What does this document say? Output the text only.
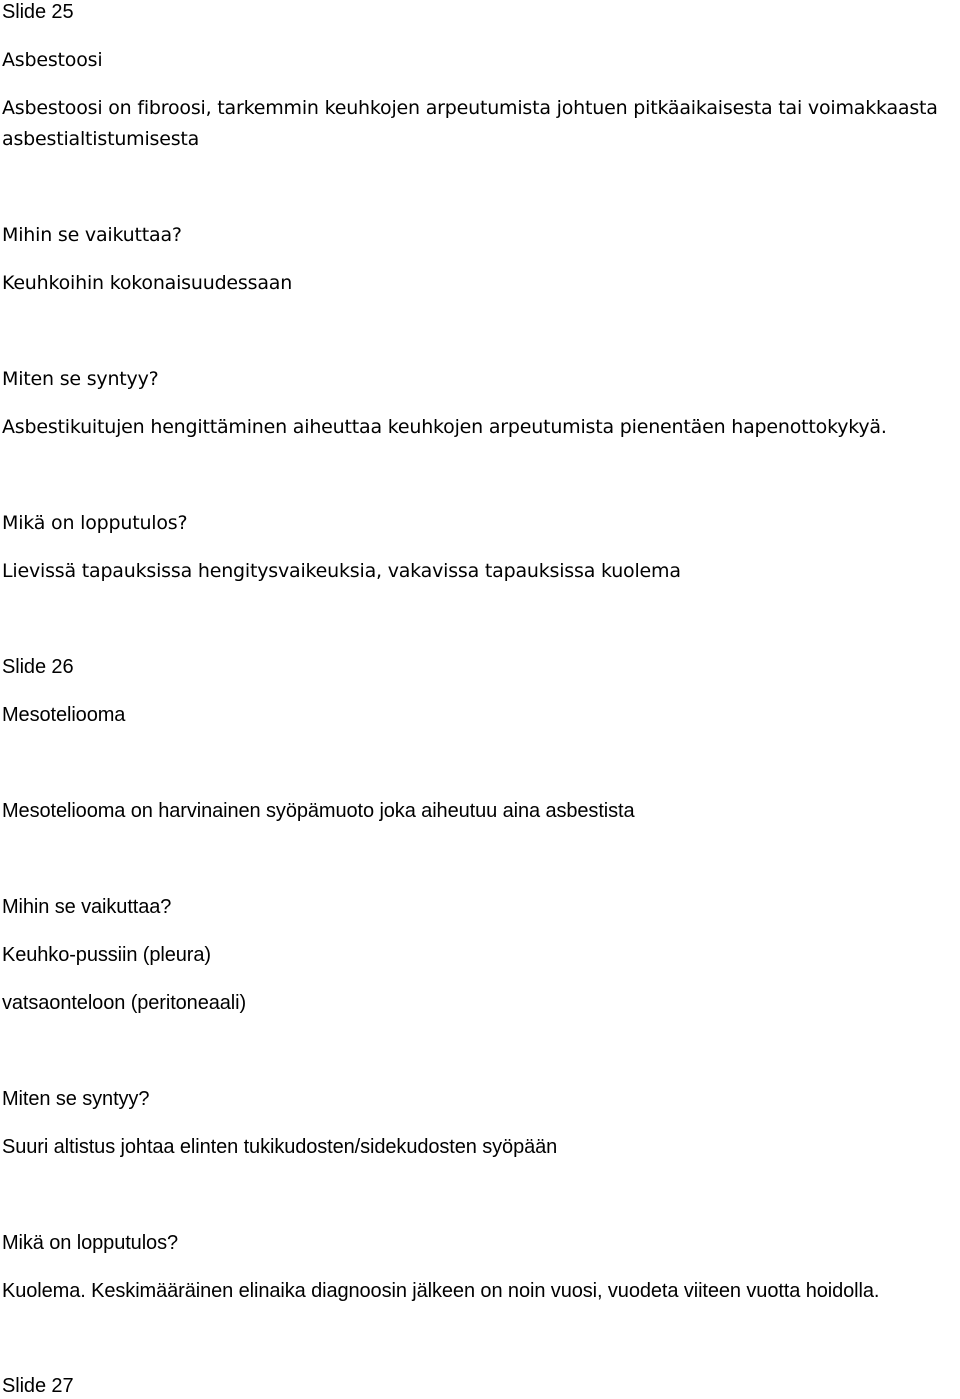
Slide 25

Asbestoosi

Asbestoosi on fibroosi, tarkemmin keuhkojen arpeutumista johtuen pitkäaikaisesta tai voimakkaasta

asbestialtistumisesta

Mihin se vaikuttaa?

Keuhkoihin kokonaisuudessaan

Miten se syntyy?

Asbestikuitujen hengittäminen aiheuttaa keuhkojen arpeutumista pienentäen hapenottokykyä.

Mikä on lopputulos?

Lievissä tapauksissa hengitysvaikeuksia, vakavissa tapauksissa kuolema

Slide 26

Mesoteliooma

Mesoteliooma on harvinainen syöpämuoto joka aiheutuu aina asbestista

Mihin se vaikuttaa?

Keuhko-pussiin (pleura)

vatsaonteloon (peritoneaali)

Miten se syntyy?

Suuri altistus johtaa elinten tukikudosten/sidekudosten syöpään

Mikä on lopputulos?

Kuolema. Keskimääräinen elinaika diagnoosin jälkeen on noin vuosi, vuodeta viiteen vuotta hoidolla.

Slide 27
